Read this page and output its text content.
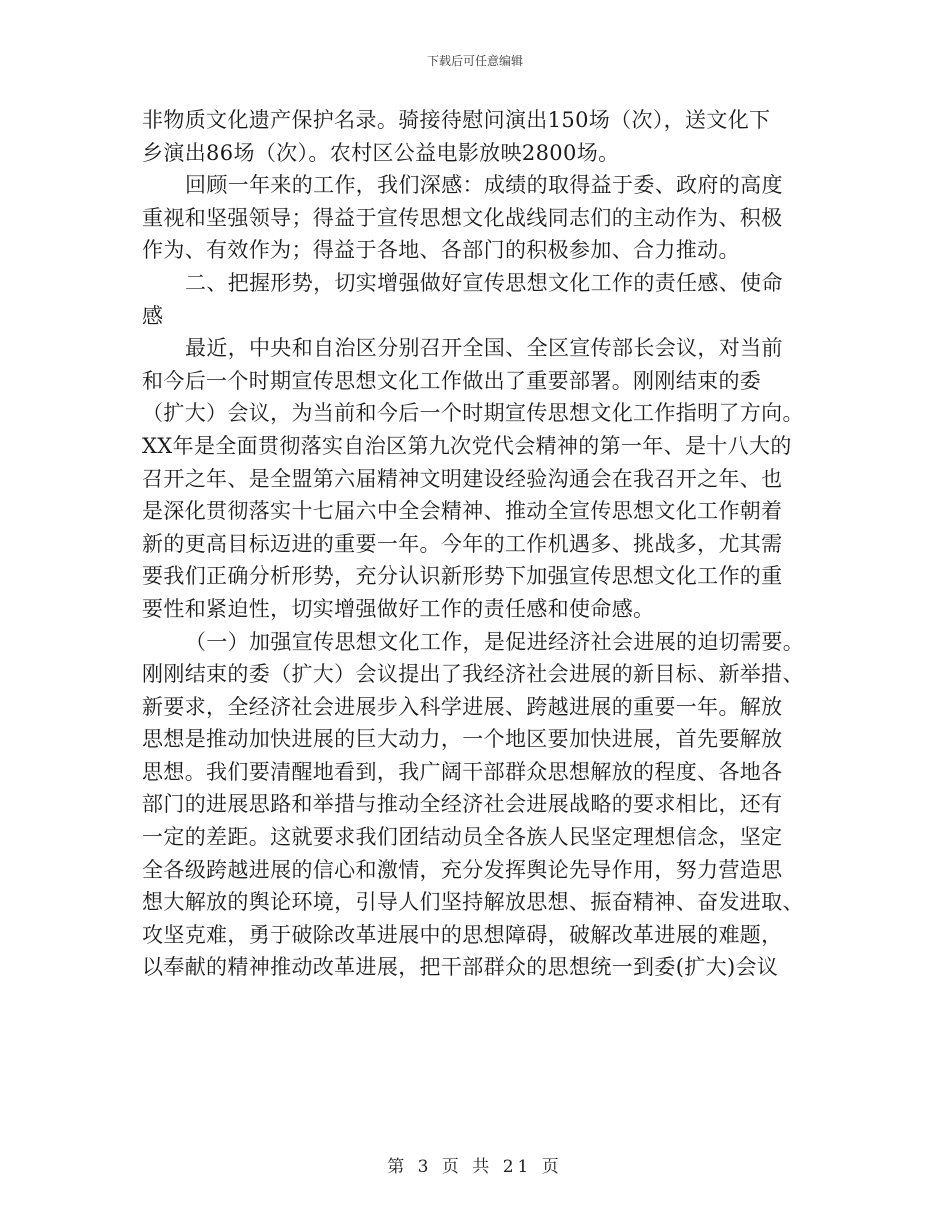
下载后可任意编辑
非物质文化遗产保护名录。骑接待慰问演出150场（次），送文化下
乡演出86场（次）。农村区公益电影放映2800场。
回顾一年来的工作，我们深感：成绩的取得益于委、政府的高度
重视和坚强领导；得益于宣传思想文化战线同志们的主动作为、积极
作为、有效作为；得益于各地、各部门的积极参加、合力推动。
二、把握形势，切实增强做好宣传思想文化工作的责任感、使命
感
最近，中央和自治区分别召开全国、全区宣传部长会议，对当前
和今后一个时期宣传思想文化工作做出了重要部署。刚刚结束的委
（扩大）会议，为当前和今后一个时期宣传思想文化工作指明了方向。
XX年是全面贯彻落实自治区第九次党代会精神的第一年、是十八大的
召开之年、是全盟第六届精神文明建设经验沟通会在我召开之年、也
是深化贯彻落实十七届六中全会精神、推动全宣传思想文化工作朝着
新的更高目标迈进的重要一年。今年的工作机遇多、挑战多，尤其需
要我们正确分析形势，充分认识新形势下加强宣传思想文化工作的重
要性和紧迫性，切实增强做好工作的责任感和使命感。
（一）加强宣传思想文化工作，是促进经济社会进展的迫切需要。
刚刚结束的委（扩大）会议提出了我经济社会进展的新目标、新举措、
新要求，全经济社会进展步入科学进展、跨越进展的重要一年。解放
思想是推动加快进展的巨大动力，一个地区要加快进展，首先要解放
思想。我们要清醒地看到，我广阔干部群众思想解放的程度、各地各
部门的进展思路和举措与推动全经济社会进展战略的要求相比，还有
一定的差距。这就要求我们团结动员全各族人民坚定理想信念，坚定
全各级跨越进展的信心和激情，充分发挥舆论先导作用，努力营造思
想大解放的舆论环境，引导人们坚持解放思想、振奋精神、奋发进取、
攻坚克难，勇于破除改革进展中的思想障碍，破解改革进展的难题，
以奉献的精神推动改革进展，把干部群众的思想统一到委(扩大)会议
第 3 页 共 21 页
